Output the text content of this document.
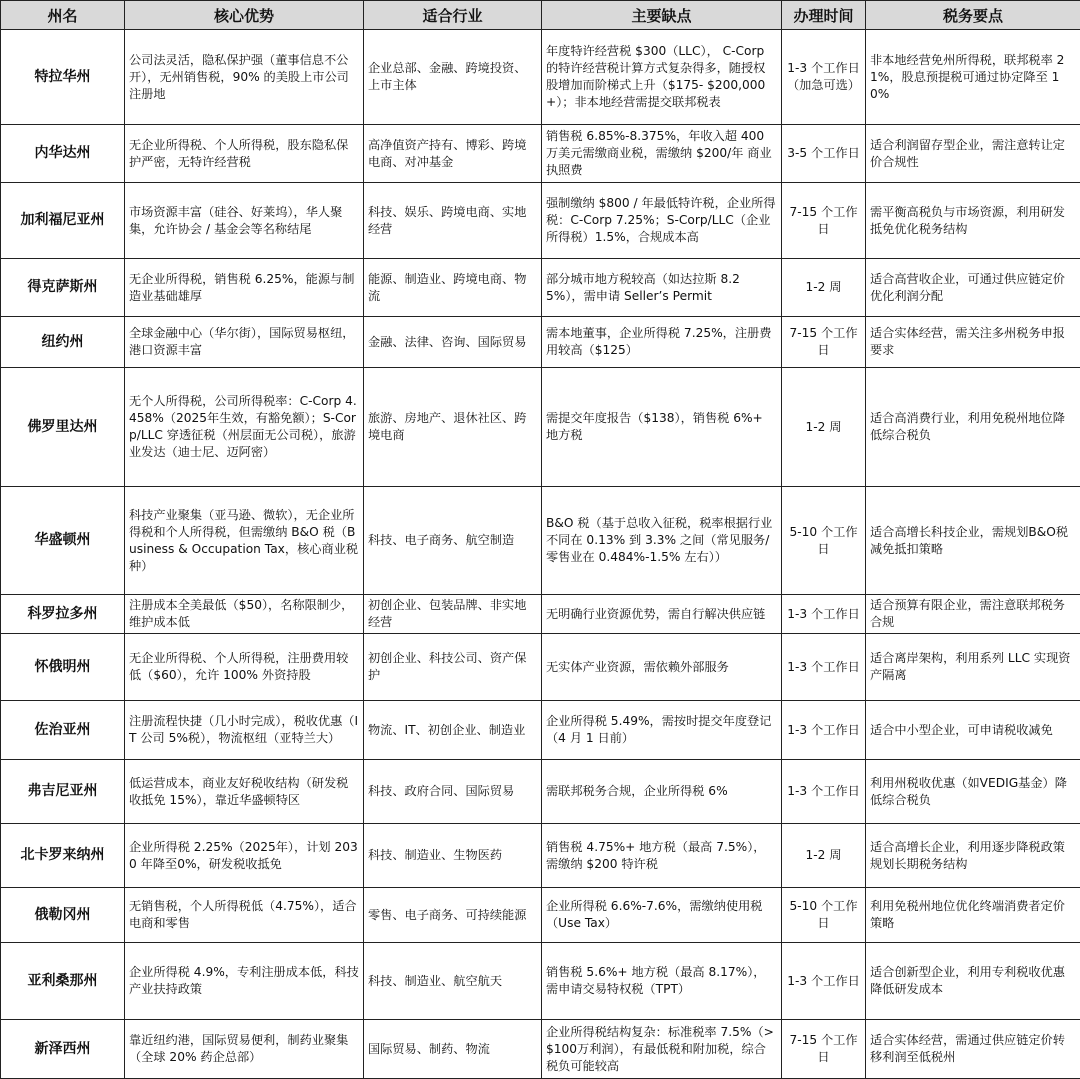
州名	核心优势	适合行业	主要缺点	办理时间	税务要点
特拉华州	公司法灵活，隐私保护强（董事信息不公开），无州销售税，90% 的美股上市公司注册地	企业总部、金融、跨境投资、上市主体	年度特许经营税 $300（LLC）， C-Corp 的特许经营税计算方式复杂得多，随授权股增加而阶梯式上升（$175- $200,000+）；非本地经营需提交联邦税表	1-3 个工作日（加急可选）	非本地经营免州所得税，联邦税率 21%，股息预提税可通过协定降至 10%
内华达州	无企业所得税、个人所得税，股东隐私保护严密，无特许经营税	高净值资产持有、博彩、跨境电商、对冲基金	销售税 6.85%-8.375%，年收入超 400 万美元需缴商业税，需缴纳 $200/年 商业执照费	3-5 个工作日	适合利润留存型企业，需注意转让定价合规性
加利福尼亚州	市场资源丰富（硅谷、好莱坞），华人聚集，允许协会 / 基金会等名称结尾	科技、娱乐、跨境电商、实地经营	强制缴纳 $800 / 年最低特许税，企业所得税：C-Corp 7.25%；S-Corp/LLC（企业所得税）1.5%，合规成本高	7-15 个工作日	需平衡高税负与市场资源，利用研发抵免优化税务结构
得克萨斯州	无企业所得税，销售税 6.25%，能源与制造业基础雄厚	能源、制造业、跨境电商、物流	部分城市地方税较高（如达拉斯 8.25%），需申请 Seller’s Permit	1-2 周	适合高营收企业，可通过供应链定价优化利润分配
纽约州	全球金融中心（华尔街），国际贸易枢纽，港口资源丰富	金融、法律、咨询、国际贸易	需本地董事，企业所得税 7.25%，注册费用较高（$125）	7-15 个工作日	适合实体经营，需关注多州税务申报要求
佛罗里达州	无个人所得税，公司所得税率：C-Corp 4.458%（2025年生效，有豁免额）；S-Corp/LLC 穿透征税（州层面无公司税），旅游业发达（迪士尼、迈阿密）	旅游、房地产、退休社区、跨境电商	需提交年度报告（$138），销售税 6%+ 地方税	1-2 周	适合高消费行业，利用免税州地位降低综合税负
华盛顿州	科技产业聚集（亚马逊、微软），无企业所得税和个人所得税，但需缴纳 B&O 税（Business & Occupation Tax，核心商业税种）	科技、电子商务、航空制造	B&O 税（基于总收入征税，税率根据行业不同在 0.13% 到 3.3% 之间（常见服务/零售业在 0.484%-1.5% 左右））	5-10 个工作日	适合高增长科技企业，需规划B&O税减免抵扣策略
科罗拉多州	注册成本全美最低（$50），名称限制少，维护成本低	初创企业、包装品牌、非实地经营	无明确行业资源优势，需自行解决供应链	1-3 个工作日	适合预算有限企业，需注意联邦税务合规
怀俄明州	无企业所得税、个人所得税，注册费用较低（$60），允许 100% 外资持股	初创企业、科技公司、资产保护	无实体产业资源，需依赖外部服务	1-3 个工作日	适合离岸架构，利用系列 LLC 实现资产隔离
佐治亚州	注册流程快捷（几小时完成），税收优惠（IT 公司 5%税），物流枢纽（亚特兰大）	物流、IT、初创企业、制造业	企业所得税 5.49%，需按时提交年度登记（4 月 1 日前）	1-3 个工作日	适合中小型企业，可申请税收减免
弗吉尼亚州	低运营成本，商业友好税收结构（研发税收抵免 15%），靠近华盛顿特区	科技、政府合同、国际贸易	需联邦税务合规，企业所得税 6%	1-3 个工作日	利用州税收优惠（如VEDIG基金）降低综合税负
北卡罗来纳州	企业所得税 2.25%（2025年），计划 2030 年降至0%，研发税收抵免	科技、制造业、生物医药	销售税 4.75%+ 地方税（最高 7.5%），需缴纳 $200 特许税	1-2 周	适合高增长企业，利用逐步降税政策规划长期税务结构
俄勒冈州	无销售税，个人所得税低（4.75%），适合电商和零售	零售、电子商务、可持续能源	企业所得税 6.6%-7.6%，需缴纳使用税（Use Tax）	5-10 个工作日	利用免税州地位优化终端消费者定价策略
亚利桑那州	企业所得税 4.9%，专利注册成本低，科技产业扶持政策	科技、制造业、航空航天	销售税 5.6%+ 地方税（最高 8.17%），需申请交易特权税（TPT）	1-3 个工作日	适合创新型企业，利用专利税收优惠降低研发成本
新泽西州	靠近纽约港，国际贸易便利，制药业聚集（全球 20% 药企总部）	国际贸易、制药、物流	企业所得税结构复杂：标准税率 7.5%（>$100万利润），有最低税和附加税，综合税负可能较高	7-15 个工作日	适合实体经营，需通过供应链定价转移利润至低税州
